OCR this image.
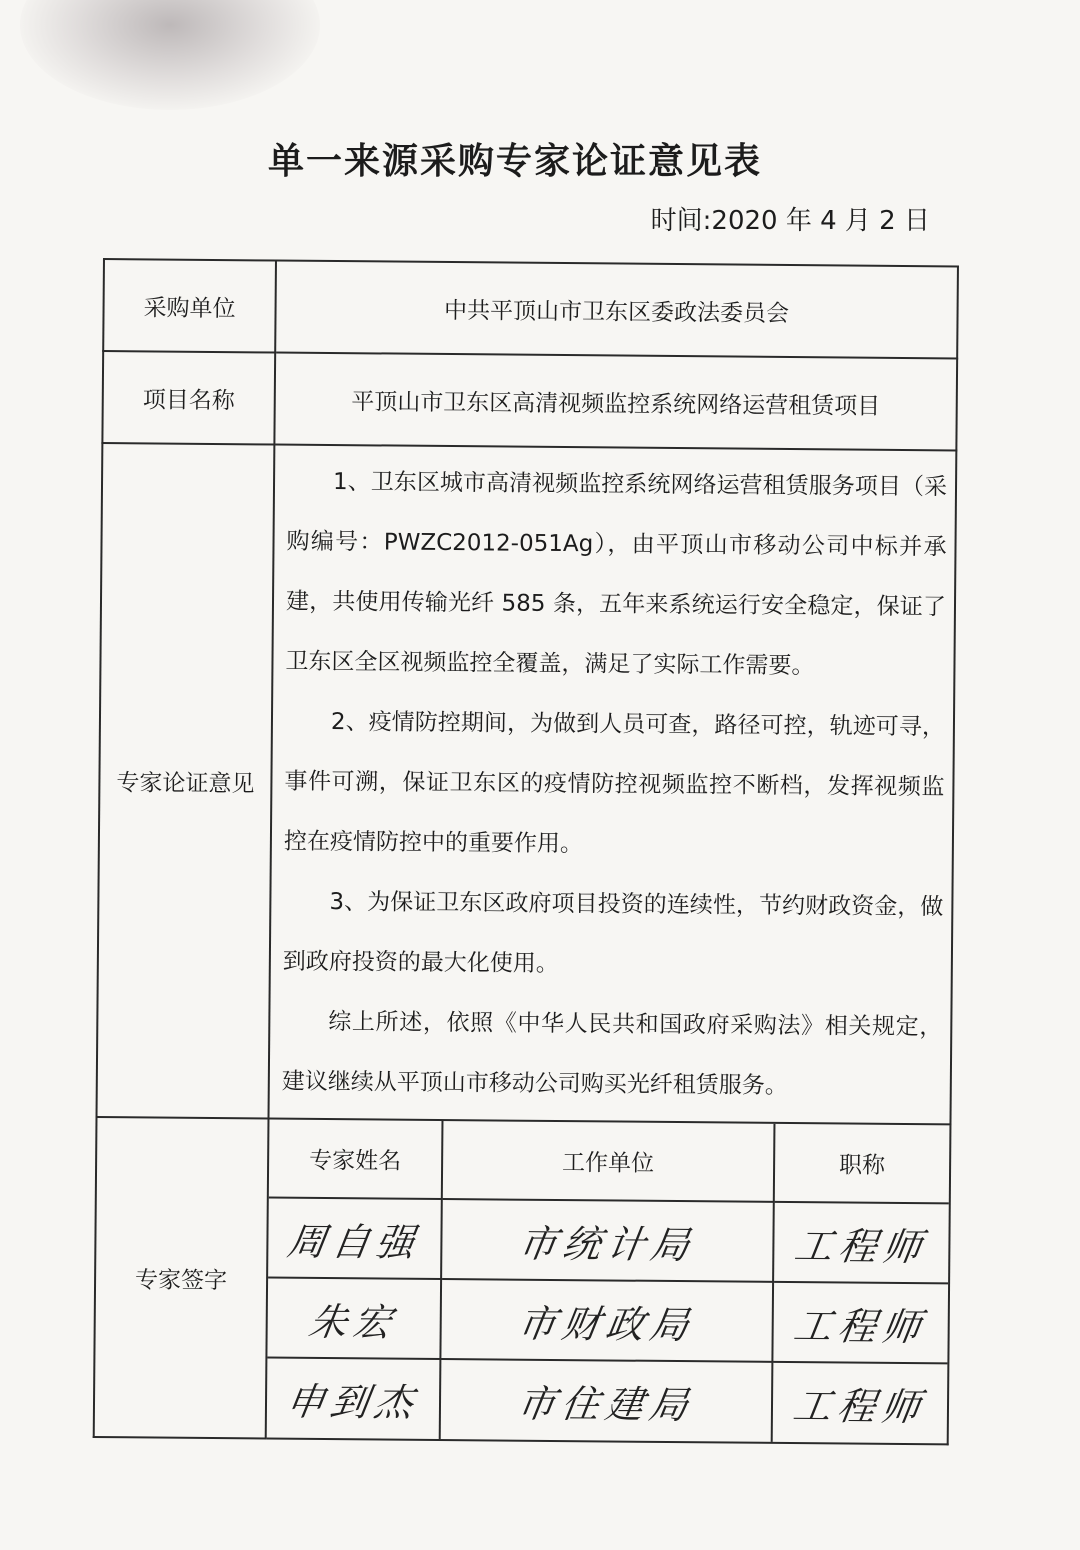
单一来源采购专家论证意见表
时间:2020 年 4 月 2 日
采购单位	中共平顶山市卫东区委政法委员会
项目名称	平顶山市卫东区高清视频监控系统网络运营租赁项目
专家论证意见	

1、卫东区城市高清视频监控系统网络运营租赁服务项目（采购编号：PWZC2012-051Ag），由平顶山市移动公司中标并承建，共使用传输光纤 585 条，五年来系统运行安全稳定，保证了卫东区全区视频监控全覆盖，满足了实际工作需要。

2、疫情防控期间，为做到人员可查，路径可控，轨迹可寻，事件可溯，保证卫东区的疫情防控视频监控不断档，发挥视频监控在疫情防控中的重要作用。

3、为保证卫东区政府项目投资的连续性，节约财政资金，做到政府投资的最大化使用。

综上所述，依照《中华人民共和国政府采购法》相关规定，建议继续从平顶山市移动公司购买光纤租赁服务。

专家签字	
专家姓名	工作单位	职称
周自强	市统计局	工程师
朱宏	市财政局	工程师
申到杰	市住建局	工程师
